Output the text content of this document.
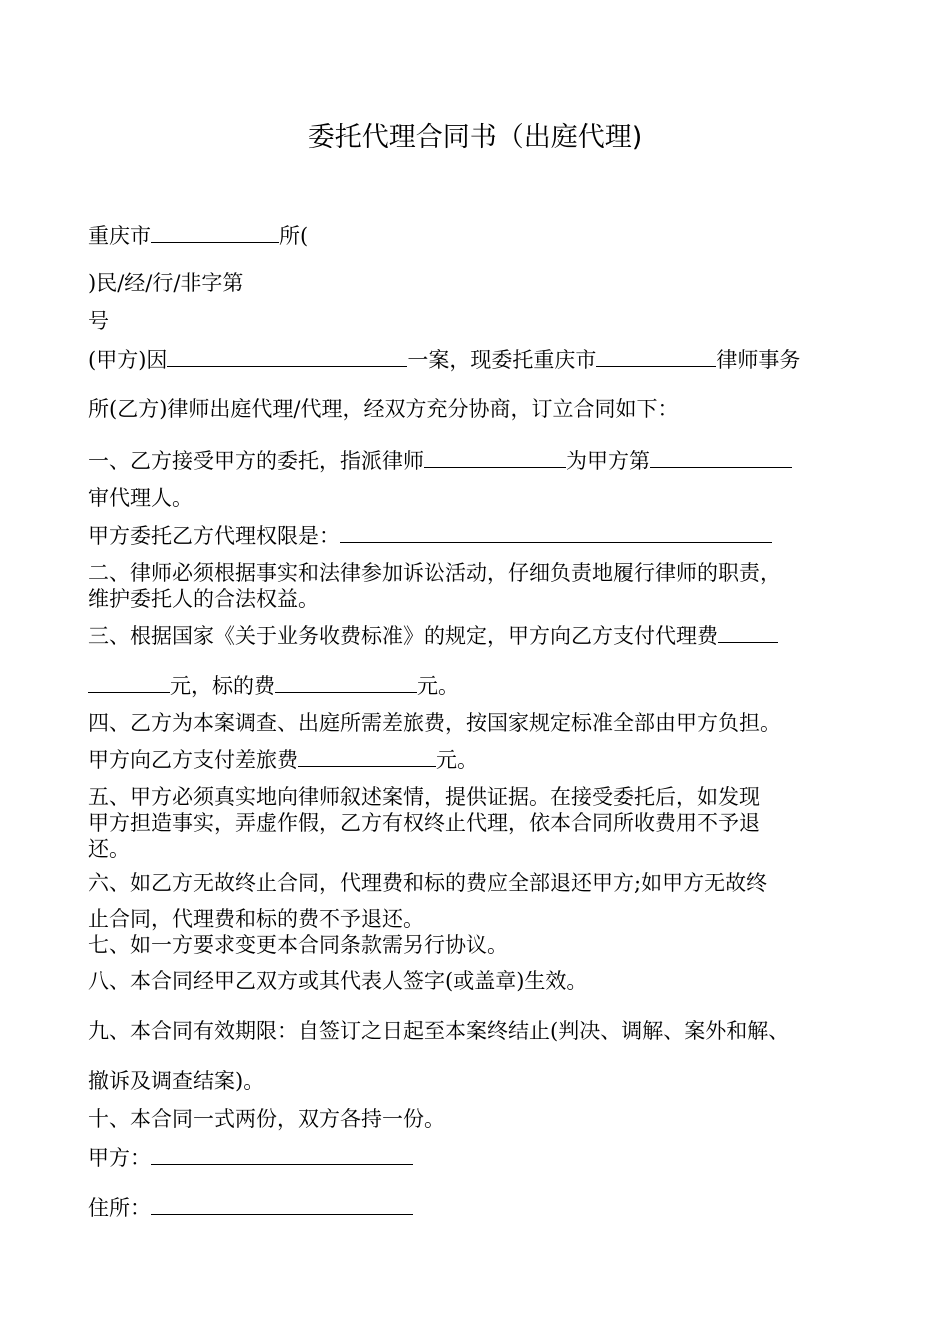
委托代理合同书（出庭代理)
重庆市	所(
)民/经/行/非字第
号
(甲方)因	一案，现委托重庆市	律师事务
所(乙方)律师出庭代理/代理，经双方充分协商，订立合同如下：
一、乙方接受甲方的委托，指派律师	为甲方第
审代理人。
甲方委托乙方代理权限是：
二、律师必须根据事实和法律参加诉讼活动，仔细负责地履行律师的职责，
维护委托人的合法权益。
三、根据国家《关于业务收费标准》的规定，甲方向乙方支付代理费
元，标的费	元。
四、乙方为本案调查、出庭所需差旅费，按国家规定标准全部由甲方负担。
甲方向乙方支付差旅费	元。
五、甲方必须真实地向律师叙述案情，提供证据。在接受委托后，如发现
甲方担造事实，弄虚作假，乙方有权终止代理，依本合同所收费用不予退
还。
六、如乙方无故终止合同，代理费和标的费应全部退还甲方;如甲方无故终
止合同，代理费和标的费不予退还。
七、如一方要求变更本合同条款需另行协议。
八、本合同经甲乙双方或其代表人签字(或盖章)生效。
九、本合同有效期限：自签订之日起至本案终结止(判决、调解、案外和解、
撤诉及调查结案)。
十、本合同一式两份，双方各持一份。
甲方：
住所：
